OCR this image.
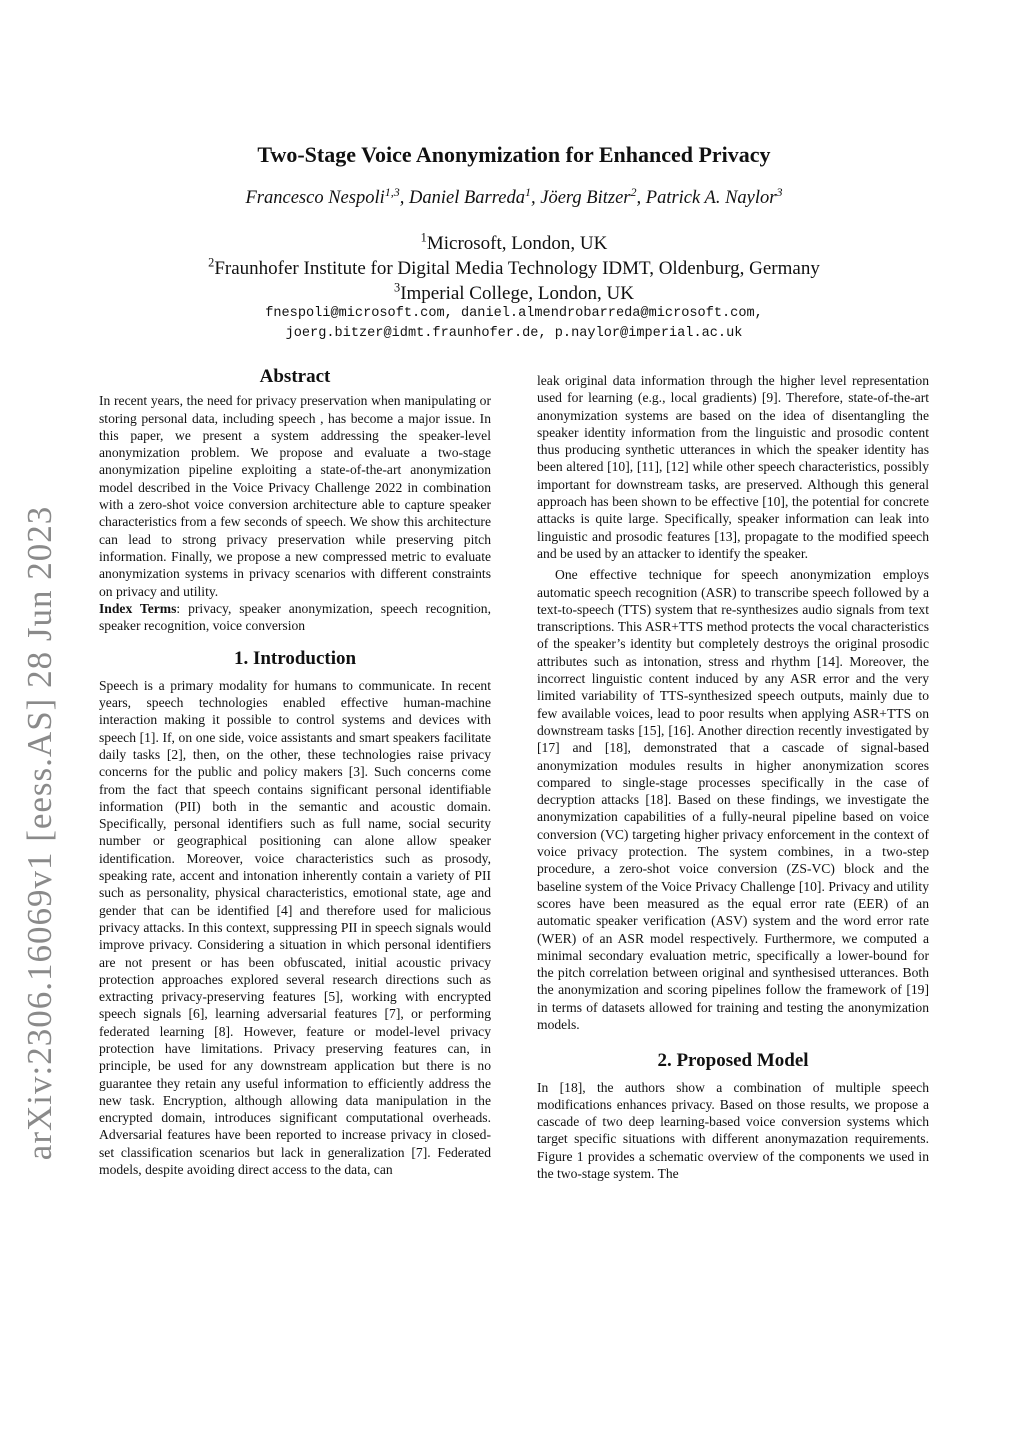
arXiv:2306.16069v1 [eess.AS] 28 Jun 2023
Two-Stage Voice Anonymization for Enhanced Privacy
Francesco Nespoli$^{1,3}$, Daniel Barreda$^1$, Jöerg Bitzer$^2$, Patrick A. Naylor$^3$
$^1$Microsoft, London, UK
$^2$Fraunhofer Institute for Digital Media Technology IDMT, Oldenburg, Germany
$^3$Imperial College, London, UK
fnespoli@microsoft.com, daniel.almendrobarreda@microsoft.com,
joerg.bitzer@idmt.fraunhofer.de, p.naylor@imperial.ac.uk
Abstract

In recent years, the need for privacy preservation when manipulating or storing personal data, including speech , has become a major issue. In this paper, we present a system addressing the speaker-level anonymization problem. We propose and evaluate a two-stage anonymization pipeline exploiting a state-of-the-art anonymization model described in the Voice Privacy Challenge 2022 in combination with a zero-shot voice conversion architecture able to capture speaker characteristics from a few seconds of speech. We show this architecture can lead to strong privacy preservation while preserving pitch information. Finally, we propose a new compressed metric to evaluate anonymization systems in privacy scenarios with different constraints on privacy and utility.

Index Terms: privacy, speaker anonymization, speech recognition, speaker recognition, voice conversion

1. Introduction

Speech is a primary modality for humans to communicate. In recent years, speech technologies enabled effective human-machine interaction making it possible to control systems and devices with speech [1]. If, on one side, voice assistants and smart speakers facilitate daily tasks [2], then, on the other, these technologies raise privacy concerns for the public and policy makers [3]. Such concerns come from the fact that speech contains significant personal identifiable information (PII) both in the semantic and acoustic domain. Specifically, personal identifiers such as full name, social security number or geographical positioning can alone allow speaker identification. Moreover, voice characteristics such as prosody, speaking rate, accent and intonation inherently contain a variety of PII such as personality, physical characteristics, emotional state, age and gender that can be identified [4] and therefore used for malicious privacy attacks. In this context, suppressing PII in speech signals would improve privacy. Considering a situation in which personal identifiers are not present or has been obfuscated, initial acoustic privacy protection approaches explored several research directions such as extracting privacy-preserving features [5], working with encrypted speech signals [6], learning adversarial features [7], or performing federated learning [8]. However, feature or model-level privacy protection have limitations. Privacy preserving features can, in principle, be used for any downstream application but there is no guarantee they retain any useful information to efficiently address the new task. Encryption, although allowing data manipulation in the encrypted domain, introduces significant computational overheads. Adversarial features have been reported to increase privacy in closed-set classification scenarios but lack in generalization [7]. Federated models, despite avoiding direct access to the data, can

leak original data information through the higher level representation used for learning (e.g., local gradients) [9]. Therefore, state-of-the-art anonymization systems are based on the idea of disentangling the speaker identity information from the linguistic and prosodic content thus producing synthetic utterances in which the speaker identity has been altered [10], [11], [12] while other speech characteristics, possibly important for downstream tasks, are preserved. Although this general approach has been shown to be effective [10], the potential for concrete attacks is quite large. Specifically, speaker information can leak into linguistic and prosodic features [13], propagate to the modified speech and be used by an attacker to identify the speaker.

One effective technique for speech anonymization employs automatic speech recognition (ASR) to transcribe speech followed by a text-to-speech (TTS) system that re-synthesizes audio signals from text transcriptions. This ASR+TTS method protects the vocal characteristics of the speaker’s identity but completely destroys the original prosodic attributes such as intonation, stress and rhythm [14]. Moreover, the incorrect linguistic content induced by any ASR error and the very limited variability of TTS-synthesized speech outputs, mainly due to few available voices, lead to poor results when applying ASR+TTS on downstream tasks [15], [16]. Another direction recently investigated by [17] and [18], demonstrated that a cascade of signal-based anonymization modules results in higher anonymization scores compared to single-stage processes specifically in the case of decryption attacks [18]. Based on these findings, we investigate the anonymization capabilities of a fully-neural pipeline based on voice conversion (VC) targeting higher privacy enforcement in the context of voice privacy protection. The system combines, in a two-step procedure, a zero-shot voice conversion (ZS-VC) block and the baseline system of the Voice Privacy Challenge [10]. Privacy and utility scores have been measured as the equal error rate (EER) of an automatic speaker verification (ASV) system and the word error rate (WER) of an ASR model respectively. Furthermore, we computed a minimal secondary evaluation metric, specifically a lower-bound for the pitch correlation between original and synthesised utterances. Both the anonymization and scoring pipelines follow the framework of [19] in terms of datasets allowed for training and testing the anonymization models.

2. Proposed Model

In [18], the authors show a combination of multiple speech modifications enhances privacy. Based on those results, we propose a cascade of two deep learning-based voice conversion systems which target specific situations with different anonymazation requirements. Figure 1 provides a schematic overview of the components we used in the two-stage system. The
